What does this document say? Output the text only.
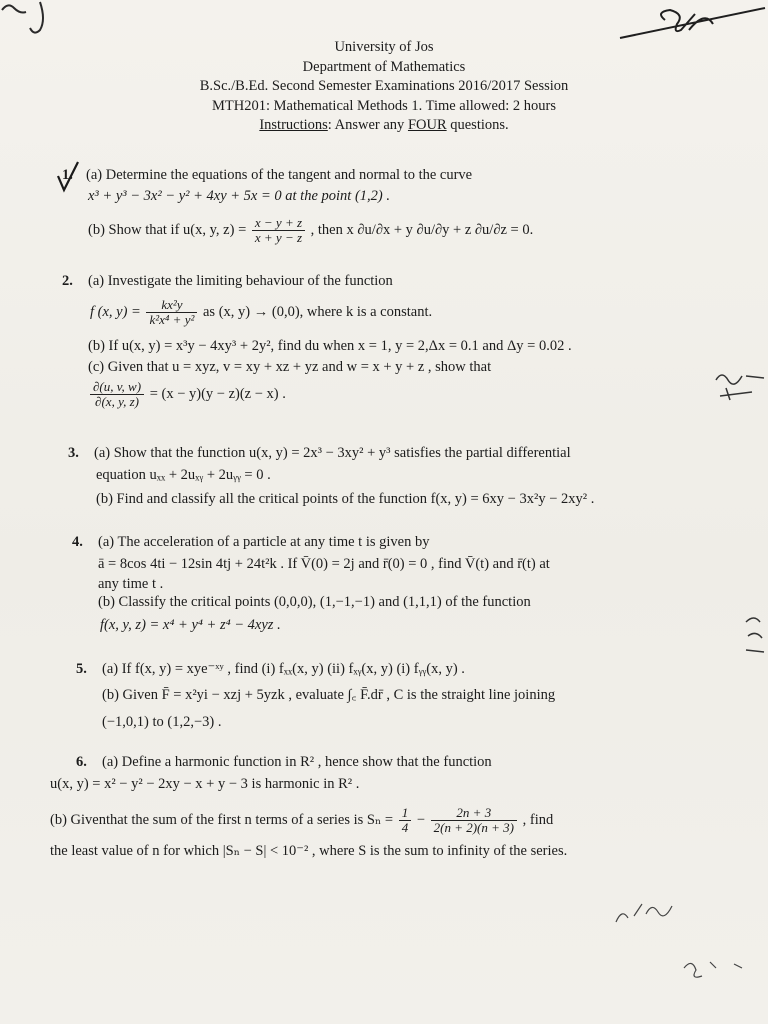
University of Jos
Department of Mathematics
B.Sc./B.Ed. Second Semester Examinations 2016/2017 Session
MTH201: Mathematical Methods 1. Time allowed: 2 hours
Instructions: Answer any FOUR questions.
1. (a) Determine the equations of the tangent and normal to the curve
x³ + y³ − 3x² − y² + 4xy + 5x = 0 at the point (1,2) .
(b) Show that if u(x, y, $z) = \frac{x - y + z}{x + y - z}$ , then x ∂u/∂x + y ∂u/∂y + z ∂u/∂z = 0.
2. (a) Investigate the limiting behaviour of the function
f (x, $y) = \frac{\text{kx²y}}{\text{k²x⁴ + y²}}$ as (x, y) → (0,0), where k is a constant.
(b) If u(x, y) = x³y − 4xy³ + 2y², find du when x = 1, y = 2,Δx = 0.1 and Δy = 0.02 .
(c) Given that u = xyz, v = xy + xz + yz and w = x + y + z , show that
$\frac{\partial(u, v, w)}{\partial(x, y, z)} = (x - y)(y - z)(z - x)$ .
3. (a) Show that the function u(x, y) = 2x³ − 3xy² + y³ satisfies the partial differential
equation uₓₓ + 2uₓᵧ + 2uᵧᵧ = 0 .
(b) Find and classify all the critical points of the function f(x, y) = 6xy − 3x²y − 2xy² .
4. (a) The acceleration of a particle at any time t is given by
ā = 8cos 4ti − 12sin 4tj + 24t²k . If V̄(0) = 2j and r̄(0) = 0 , find V̄(t) and r̄(t) at
any time t .
(b) Classify the critical points (0,0,0), (1,−1,−1) and (1,1,1) of the function
f(x, y, z) = x⁴ + y⁴ + z⁴ − 4xyz .
5. (a) If f(x, y) = xye⁻ˣʸ , find (i) fₓₓ(x, y) (ii) fₓᵧ(x, y) (i) fᵧᵧ(x, y) .
(b) Given F̄ = x²yi − xzj + 5yzk , evaluate ∫꜀ F̄.dr̄ , C is the straight line joining
(−1,0,1) to (1,2,−3) .
6. (a) Define a harmonic function in R² , hence show that the function
u(x, y) = x² − y² − 2xy − x + y − 3 is harmonic in R² .
(b) Giventhat the sum of the first n terms of a series is $S_n = \frac{1}{4} - \frac{2n + 3}{2(n + 2)(n + 3)}$ , find
the least value of n for which |Sₙ − S| < 10⁻² , where S is the sum to infinity of the series.
